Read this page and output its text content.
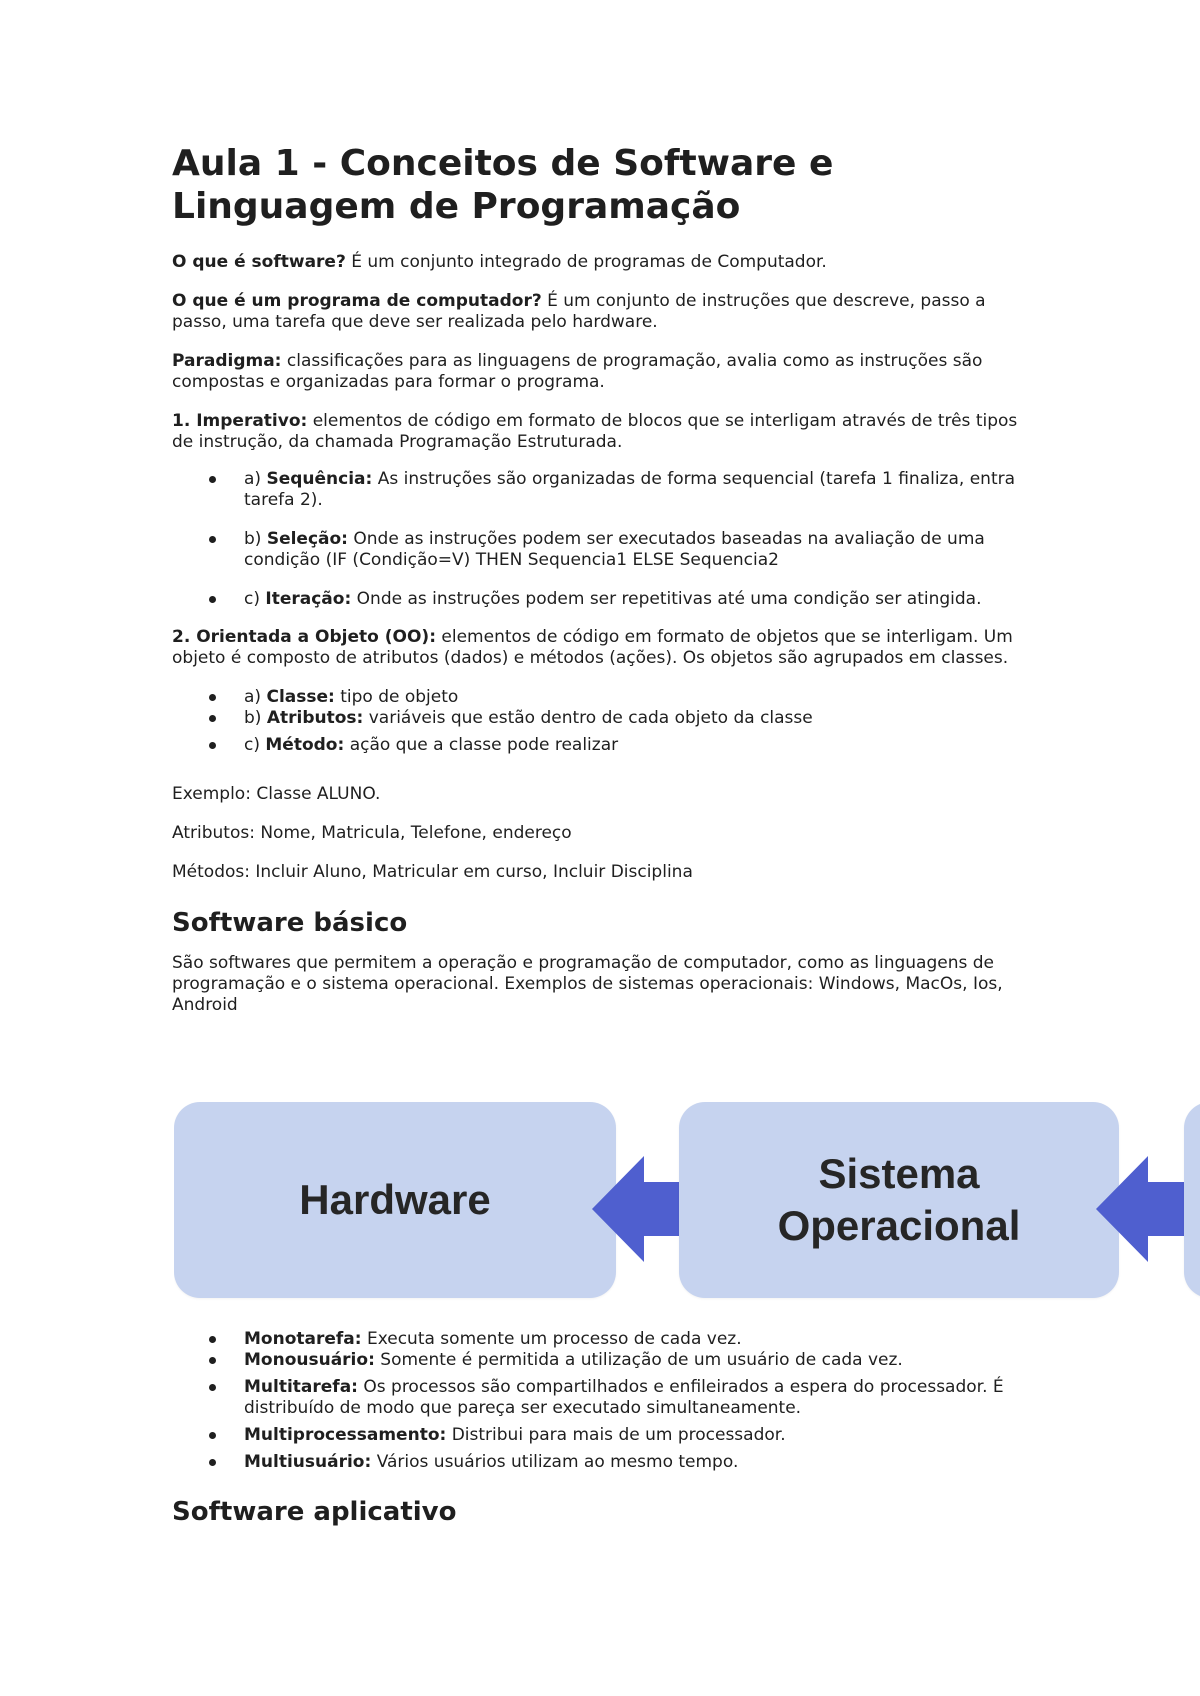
Aula 1 - Conceitos de Software e
Linguagem de Programação

O que é software? É um conjunto integrado de programas de Computador.

O que é um programa de computador? É um conjunto de instruções que descreve, passo a passo, uma tarefa que deve ser realizada pelo hardware.

Paradigma: classificações para as linguagens de programação, avalia como as instruções são compostas e organizadas para formar o programa.

1. Imperativo: elementos de código em formato de blocos que se interligam através de três tipos de instrução, da chamada Programação Estruturada.

a) Sequência: As instruções são organizadas de forma sequencial (tarefa 1 finaliza, entra tarefa 2).
b) Seleção: Onde as instruções podem ser executados baseadas na avaliação de uma condição (IF (Condição=V) THEN Sequencia1 ELSE Sequencia2
c) Iteração: Onde as instruções podem ser repetitivas até uma condição ser atingida.

2. Orientada a Objeto (OO): elementos de código em formato de objetos que se interligam. Um objeto é composto de atributos (dados) e métodos (ações). Os objetos são agrupados em classes.

a) Classe: tipo de objeto
b) Atributos: variáveis que estão dentro de cada objeto da classe
c) Método: ação que a classe pode realizar

Exemplo: Classe ALUNO.

Atributos: Nome, Matricula, Telefone, endereço

Métodos: Incluir Aluno, Matricular em curso, Incluir Disciplina

Software básico

São softwares que permitem a operação e programação de computador, como as linguagens de programação e o sistema operacional. Exemplos de sistemas operacionais: Windows, MacOs, Ios, Android

Hardware
Sistema
Operacional
Monotarefa: Executa somente um processo de cada vez.
Monousuário: Somente é permitida a utilização de um usuário de cada vez.
Multitarefa: Os processos são compartilhados e enfileirados a espera do processador. É distribuído de modo que pareça ser executado simultaneamente.
Multiprocessamento: Distribui para mais de um processador.
Multiusuário: Vários usuários utilizam ao mesmo tempo.
Software aplicativo
